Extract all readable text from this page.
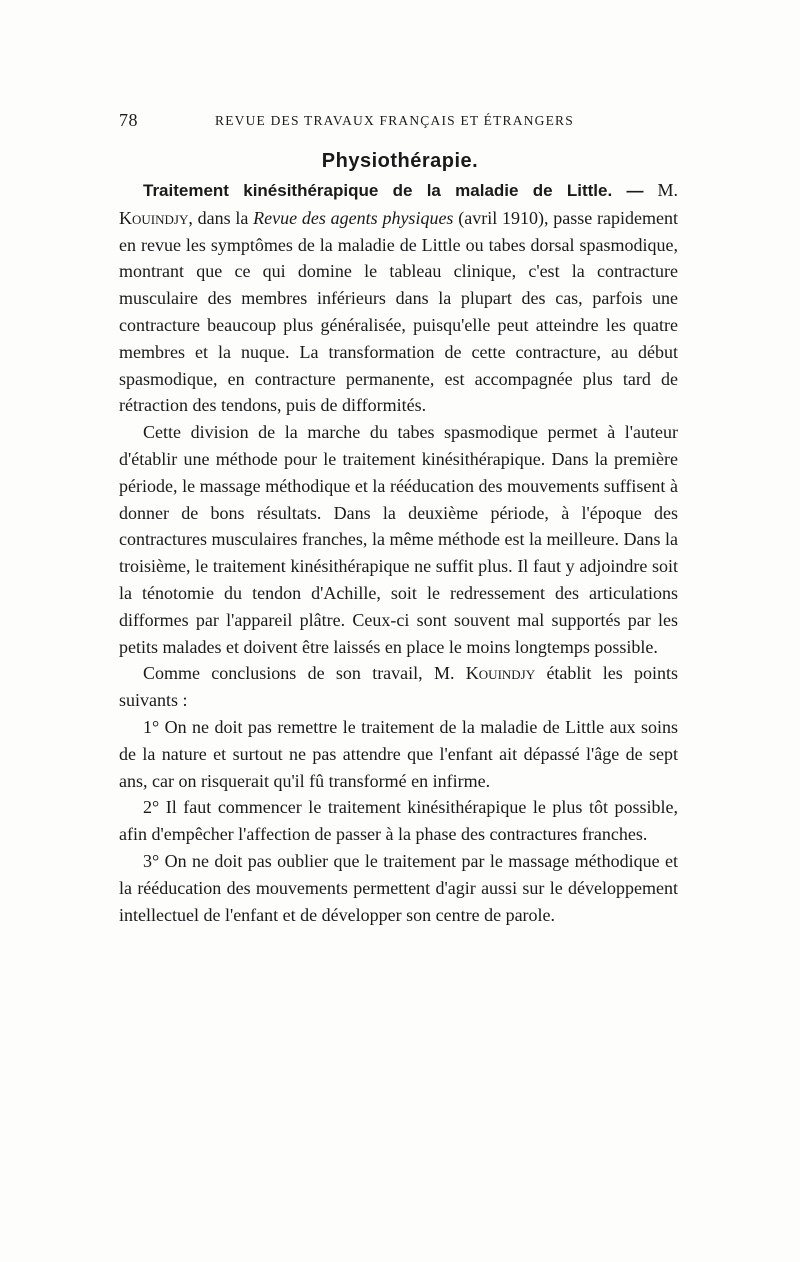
78	REVUE DES TRAVAUX FRANÇAIS ET ÉTRANGERS
Physiothérapie.

Traitement kinésithérapique de la maladie de Little. — M. Kouindjy, dans la Revue des agents physiques (avril 1910), passe rapidement en revue les symptômes de la maladie de Little ou tabes dorsal spasmodique, montrant que ce qui domine le tableau clinique, c'est la contracture musculaire des membres inférieurs dans la plupart des cas, parfois une contracture beaucoup plus généralisée, puisqu'elle peut atteindre les quatre membres et la nuque. La transformation de cette contracture, au début spasmodique, en contracture permanente, est accompagnée plus tard de rétraction des tendons, puis de difformités.

Cette division de la marche du tabes spasmodique permet à l'auteur d'établir une méthode pour le traitement kinésithérapique. Dans la première période, le massage méthodique et la rééducation des mouvements suffisent à donner de bons résultats. Dans la deuxième période, à l'époque des contractures musculaires franches, la même méthode est la meilleure. Dans la troisième, le traitement kinésithérapique ne suffit plus. Il faut y adjoindre soit la ténotomie du tendon d'Achille, soit le redressement des articulations difformes par l'appareil plâtre. Ceux-ci sont souvent mal supportés par les petits malades et doivent être laissés en place le moins longtemps possible.

Comme conclusions de son travail, M. Kouindjy établit les points suivants :

1° On ne doit pas remettre le traitement de la maladie de Little aux soins de la nature et surtout ne pas attendre que l'enfant ait dépassé l'âge de sept ans, car on risquerait qu'il fû transformé en infirme.

2° Il faut commencer le traitement kinésithérapique le plus tôt possible, afin d'empêcher l'affection de passer à la phase des contractures franches.

3° On ne doit pas oublier que le traitement par le massage méthodique et la rééducation des mouvements permettent d'agir aussi sur le développement intellectuel de l'enfant et de développer son centre de parole.
